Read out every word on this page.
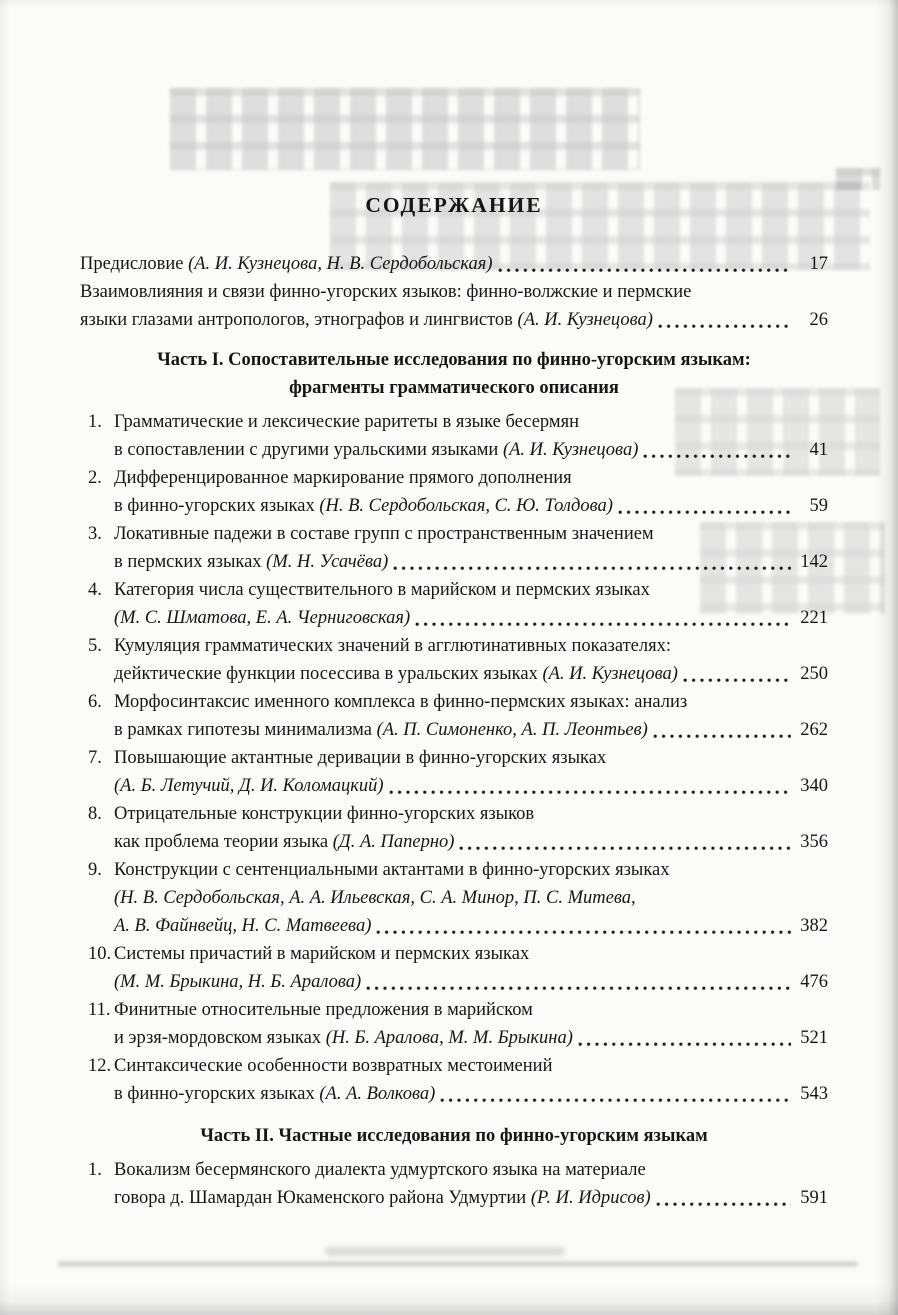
СОДЕРЖАНИЕ
Предисловие (А. И. Кузнецова, Н. В. Сердобольская)	17
Взаимовлияния и связи финно-угорских языков: финно-волжские и пермские
языки глазами антропологов, этнографов и лингвистов (А. И. Кузнецова)	26
Часть I. Сопоставительные исследования по финно-угорским языкам:
фрагменты грамматического описания
1. Грамматические и лексические раритеты в языке бесермян
в сопоставлении с другими уральскими языками (А. И. Кузнецова)	41
2. Дифференцированное маркирование прямого дополнения
в финно-угорских языках (Н. В. Сердобольская, С. Ю. Толдова)	59
3. Локативные падежи в составе групп с пространственным значением
в пермских языках (М. Н. Усачёва)	142
4. Категория числа существительного в марийском и пермских языках
(М. С. Шматова, Е. А. Черниговская)	221
5. Кумуляция грамматических значений в агглютинативных показателях:
дейктические функции посессива в уральских языках (А. И. Кузнецова)	250
6. Морфосинтаксис именного комплекса в финно-пермских языках: анализ
в рамках гипотезы минимализма (А. П. Симоненко, А. П. Леонтьев)	262
7. Повышающие актантные деривации в финно-угорских языках
(А. Б. Летучий, Д. И. Коломацкий)	340
8. Отрицательные конструкции финно-угорских языков
как проблема теории языка (Д. А. Паперно)	356
9. Конструкции с сентенциальными актантами в финно-угорских языках
(Н. В. Сердобольская, А. А. Ильевская, С. А. Минор, П. С. Митева,
А. В. Файнвейц, Н. С. Матвеева)	382
10. Системы причастий в марийском и пермских языках
(М. М. Брыкина, Н. Б. Аралова)	476
11. Финитные относительные предложения в марийском
и эрзя-мордовском языках (Н. Б. Аралова, М. М. Брыкина)	521
12. Синтаксические особенности возвратных местоимений
в финно-угорских языках (А. А. Волкова)	543
Часть II. Частные исследования по финно-угорским языкам
1. Вокализм бесермянского диалекта удмуртского языка на материале
говора д. Шамардан Юкаменского района Удмуртии (Р. И. Идрисов)	591
